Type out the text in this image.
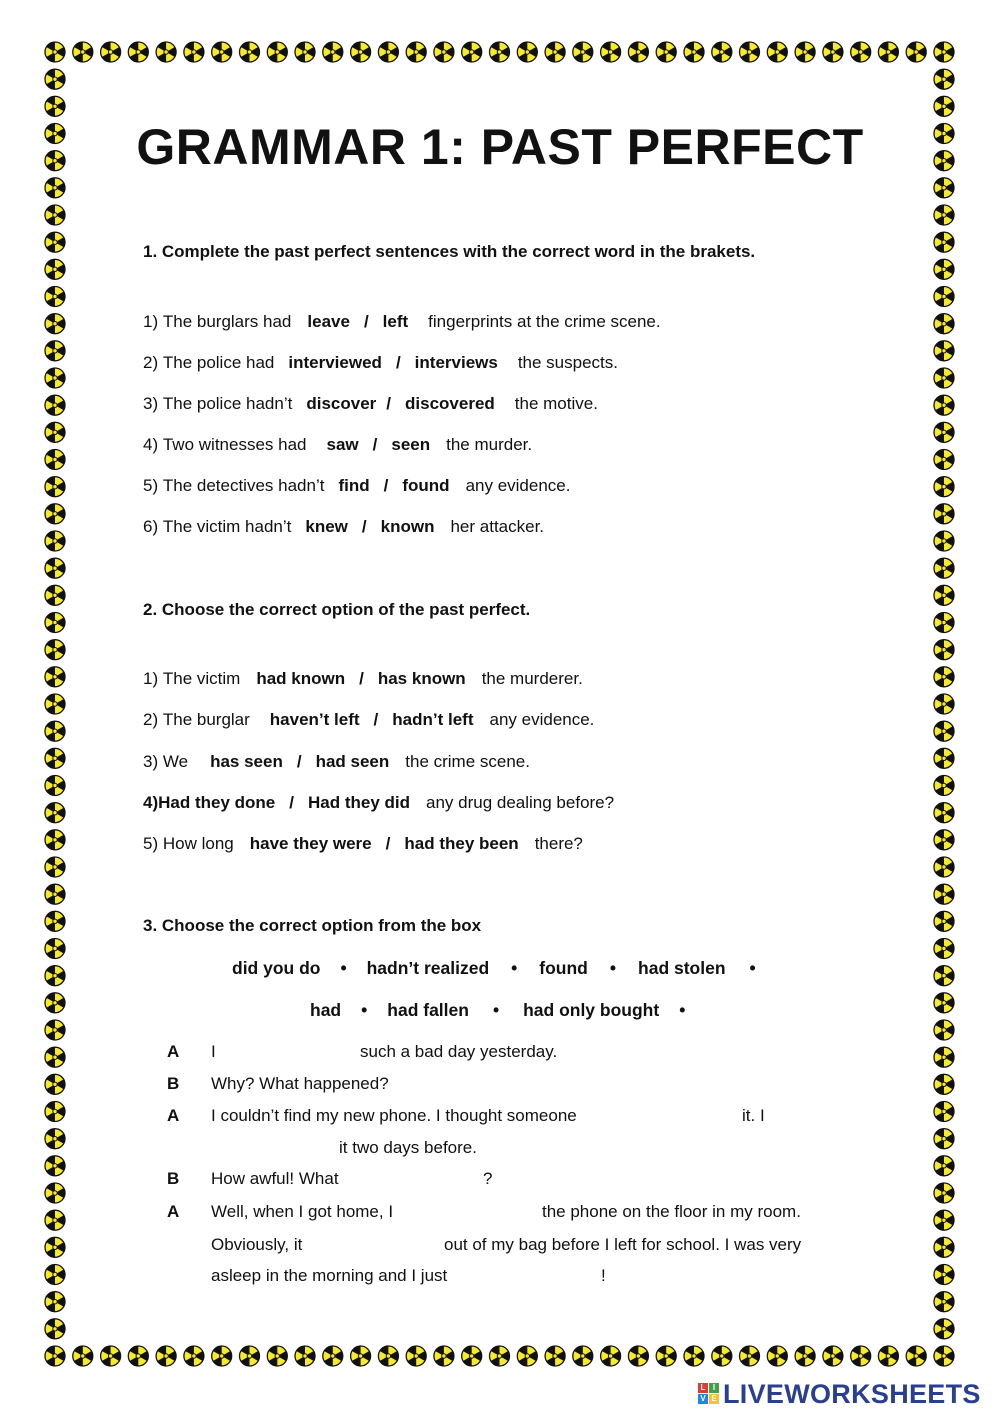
GRAMMAR 1: PAST PERFECT
1. Complete the past perfect sentences with the correct word in the brakets.
1) The burglars had leave / left fingerprints at the crime scene.
2) The police had interviewed / interviews the suspects.
3) The police hadn’t discover / discovered the motive.
4) Two witnesses had saw / seen the murder.
5) The detectives hadn’t find / found any evidence.
6) The victim hadn’t knew / known her attacker.
2. Choose the correct option of the past perfect.
1) The victim had known / has known the murderer.
2) The burglar haven’t left / hadn’t left any evidence.
3) We has seen / had seen the crime scene.
4)Had they done / Had they did any drug dealing before?
5) How long have they were / had they been there?
3. Choose the correct option from the box
did you do • hadn’t realized • found • had stolen •
had • had fallen • had only bought •
A I	such a bad day yesterday.
B Why? What happened?
A I couldn’t find my new phone. I thought someone	it. I
it two days before.
B How awful! What	?
A Well, when I got home, I	the phone on the floor in my room.
Obviously, it	out of my bag before I left for school. I was very
asleep in the morning and I just	!
L I
V E LIVEWORKSHEETS
